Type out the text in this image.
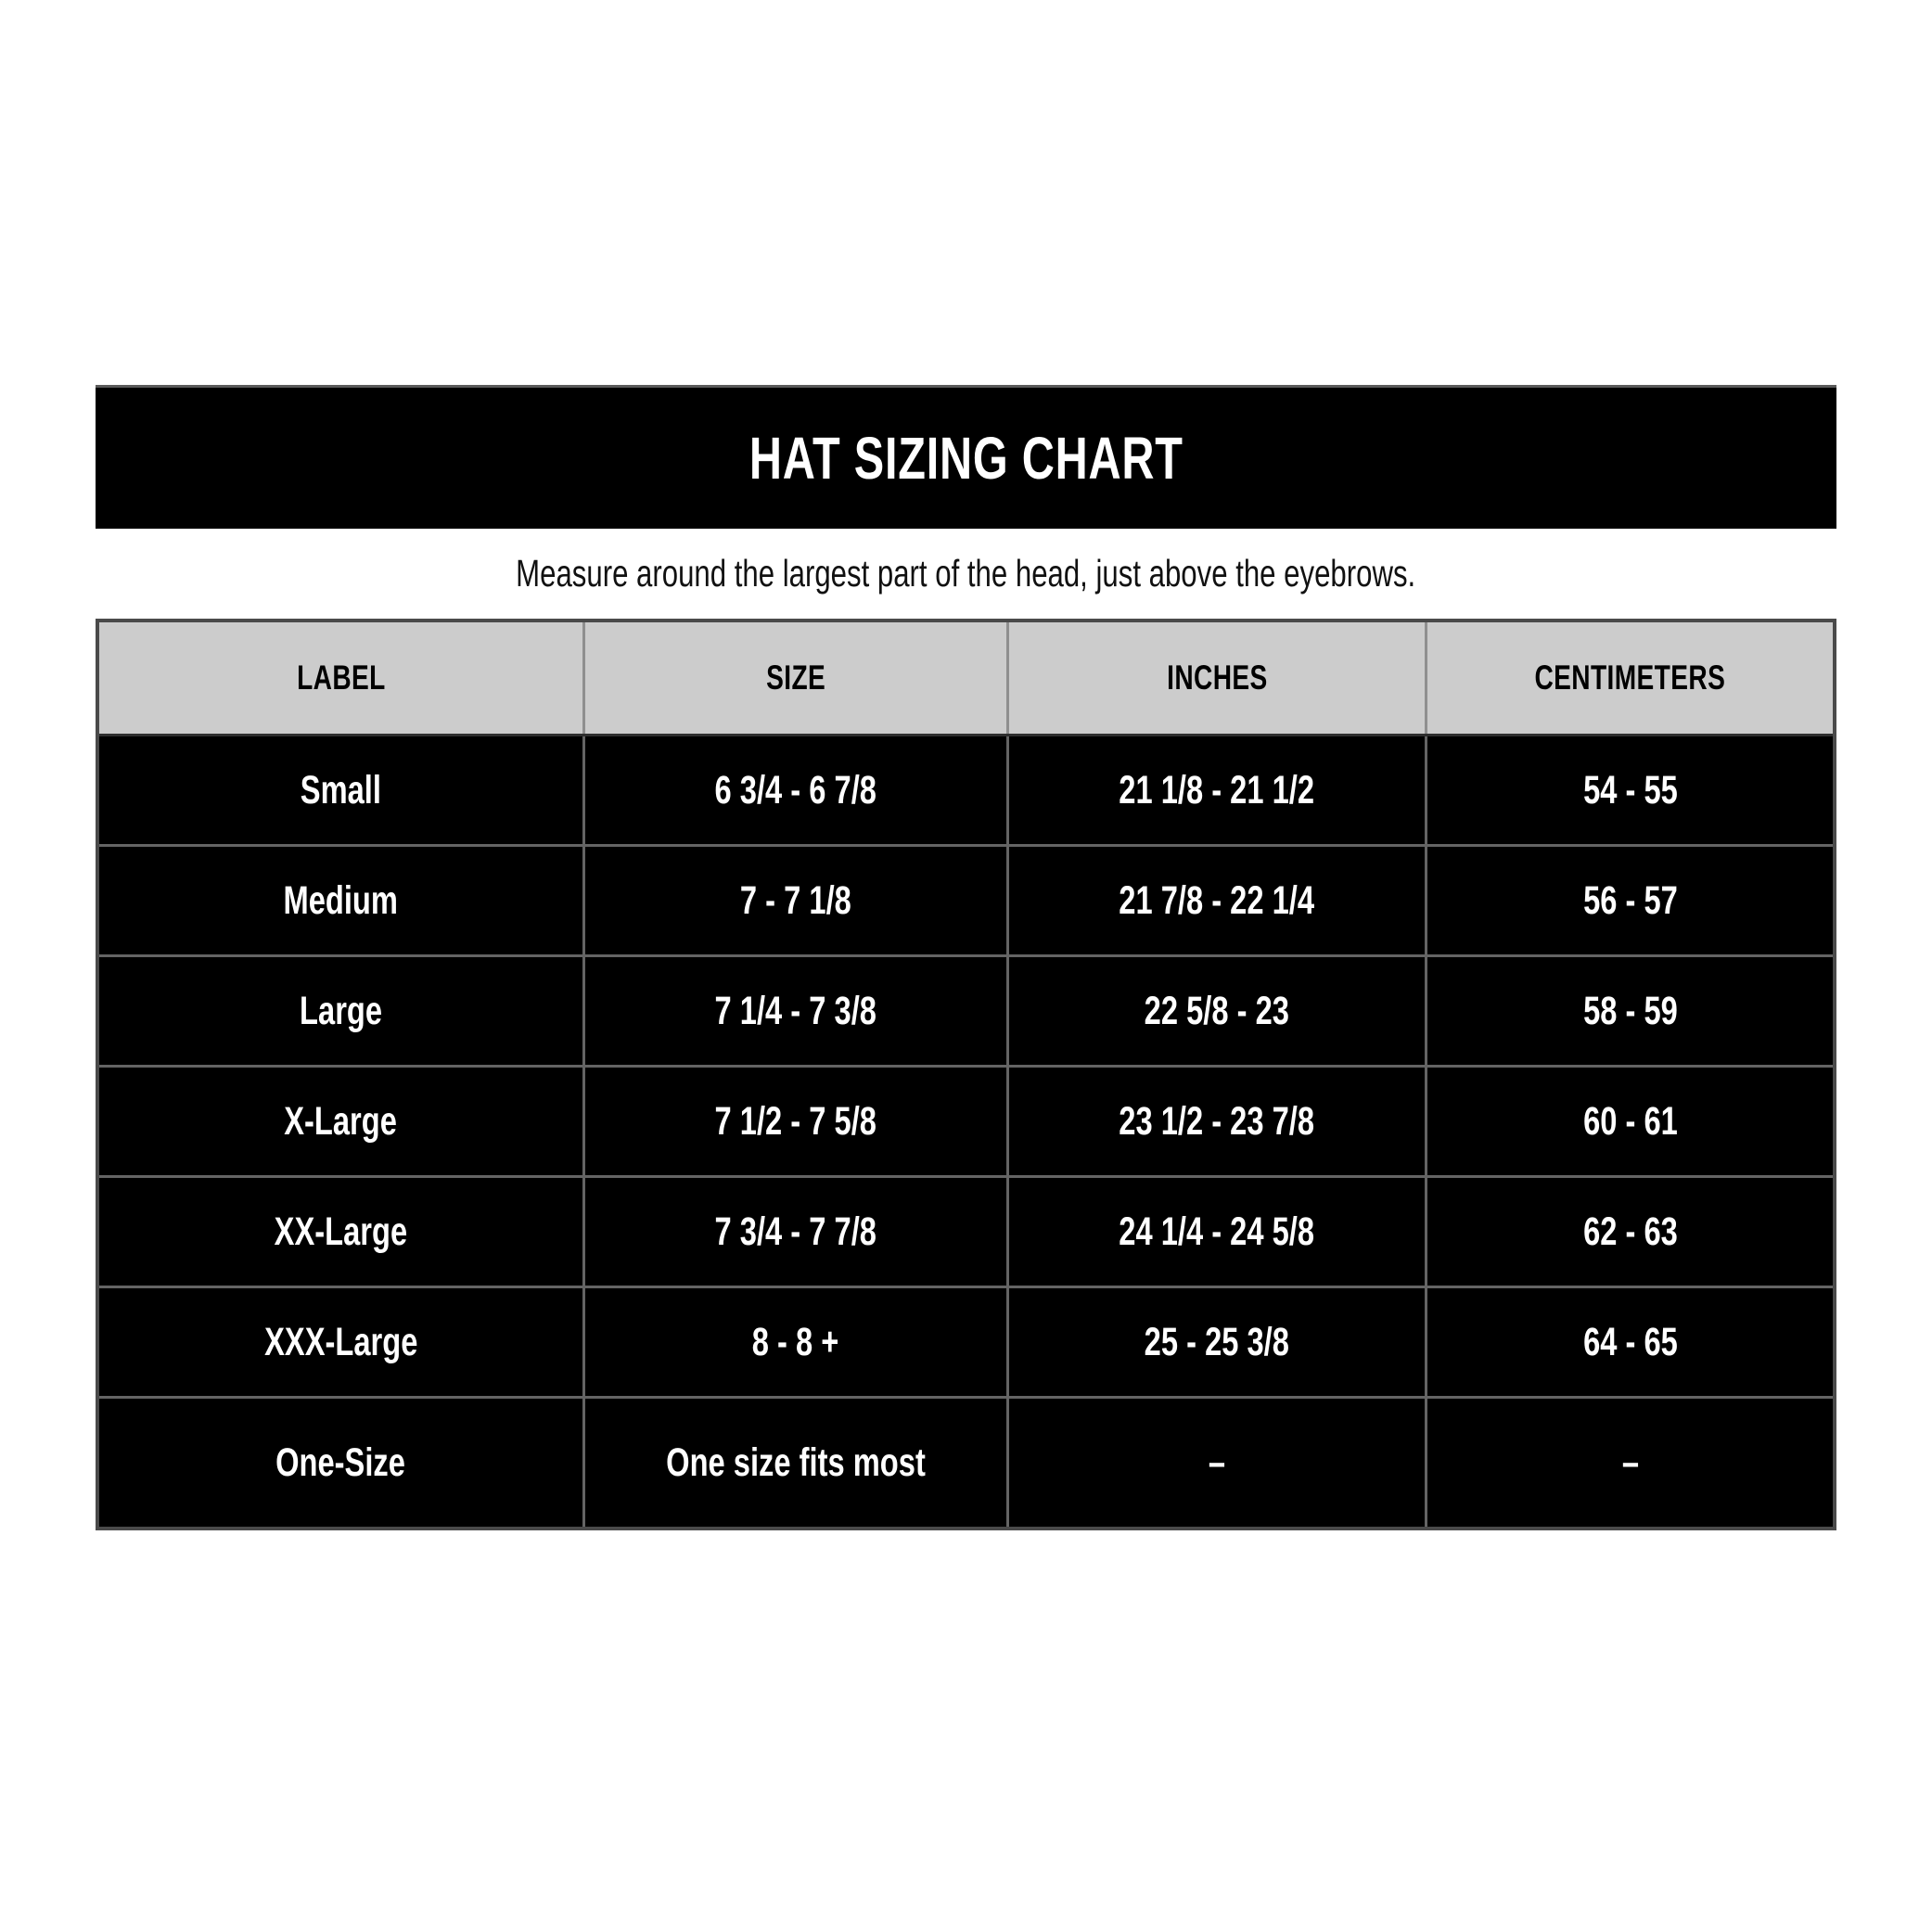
HAT SIZING CHART
Measure around the largest part of the head, just above the eyebrows.
LABEL	SIZE	INCHES	CENTIMETERS
Small	6 3/4 - 6 7/8	21 1/8 - 21 1/2	54 - 55
Medium	7 - 7 1/8	21 7/8 - 22 1/4	56 - 57
Large	7 1/4 - 7 3/8	22 5/8 - 23	58 - 59
X-Large	7 1/2 - 7 5/8	23 1/2 - 23 7/8	60 - 61
XX-Large	7 3/4 - 7 7/8	24 1/4 - 24 5/8	62 - 63
XXX-Large	8 - 8 +	25 - 25 3/8	64 - 65
One-Size	One size fits most	–	–
